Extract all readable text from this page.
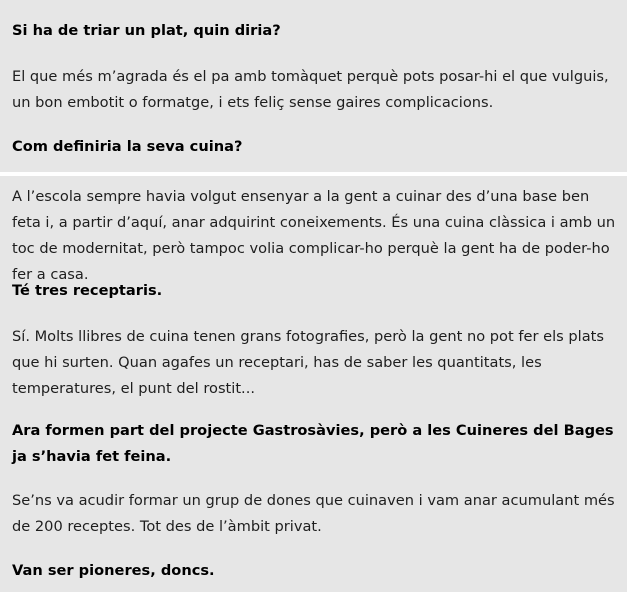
Si ha de triar un plat, quin diria?

El que més m’agrada és el pa amb tomàquet perquè pots posar-hi el que vulguis, un bon embotit o formatge, i ets feliç sense gaires complicacions.

Com definiria la seva cuina?

A l’escola sempre havia volgut ensenyar a la gent a cuinar des d’una base ben feta i, a partir d’aquí, anar adquirint coneixements. És una cuina clàssica i amb un toc de modernitat, però tampoc volia complicar-ho perquè la gent ha de poder-ho fer a casa.

Té tres receptaris.

Sí. Molts llibres de cuina tenen grans fotografies, però la gent no pot fer els plats que hi surten. Quan agafes un receptari, has de saber les quantitats, les temperatures, el punt del rostit...

Ara formen part del projecte Gastrosàvies, però a les Cuineres del Bages ja s’havia fet feina.

Se’ns va acudir formar un grup de dones que cuinaven i vam anar acumulant més de 200 receptes. Tot des de l’àmbit privat.

Van ser pioneres, doncs.
